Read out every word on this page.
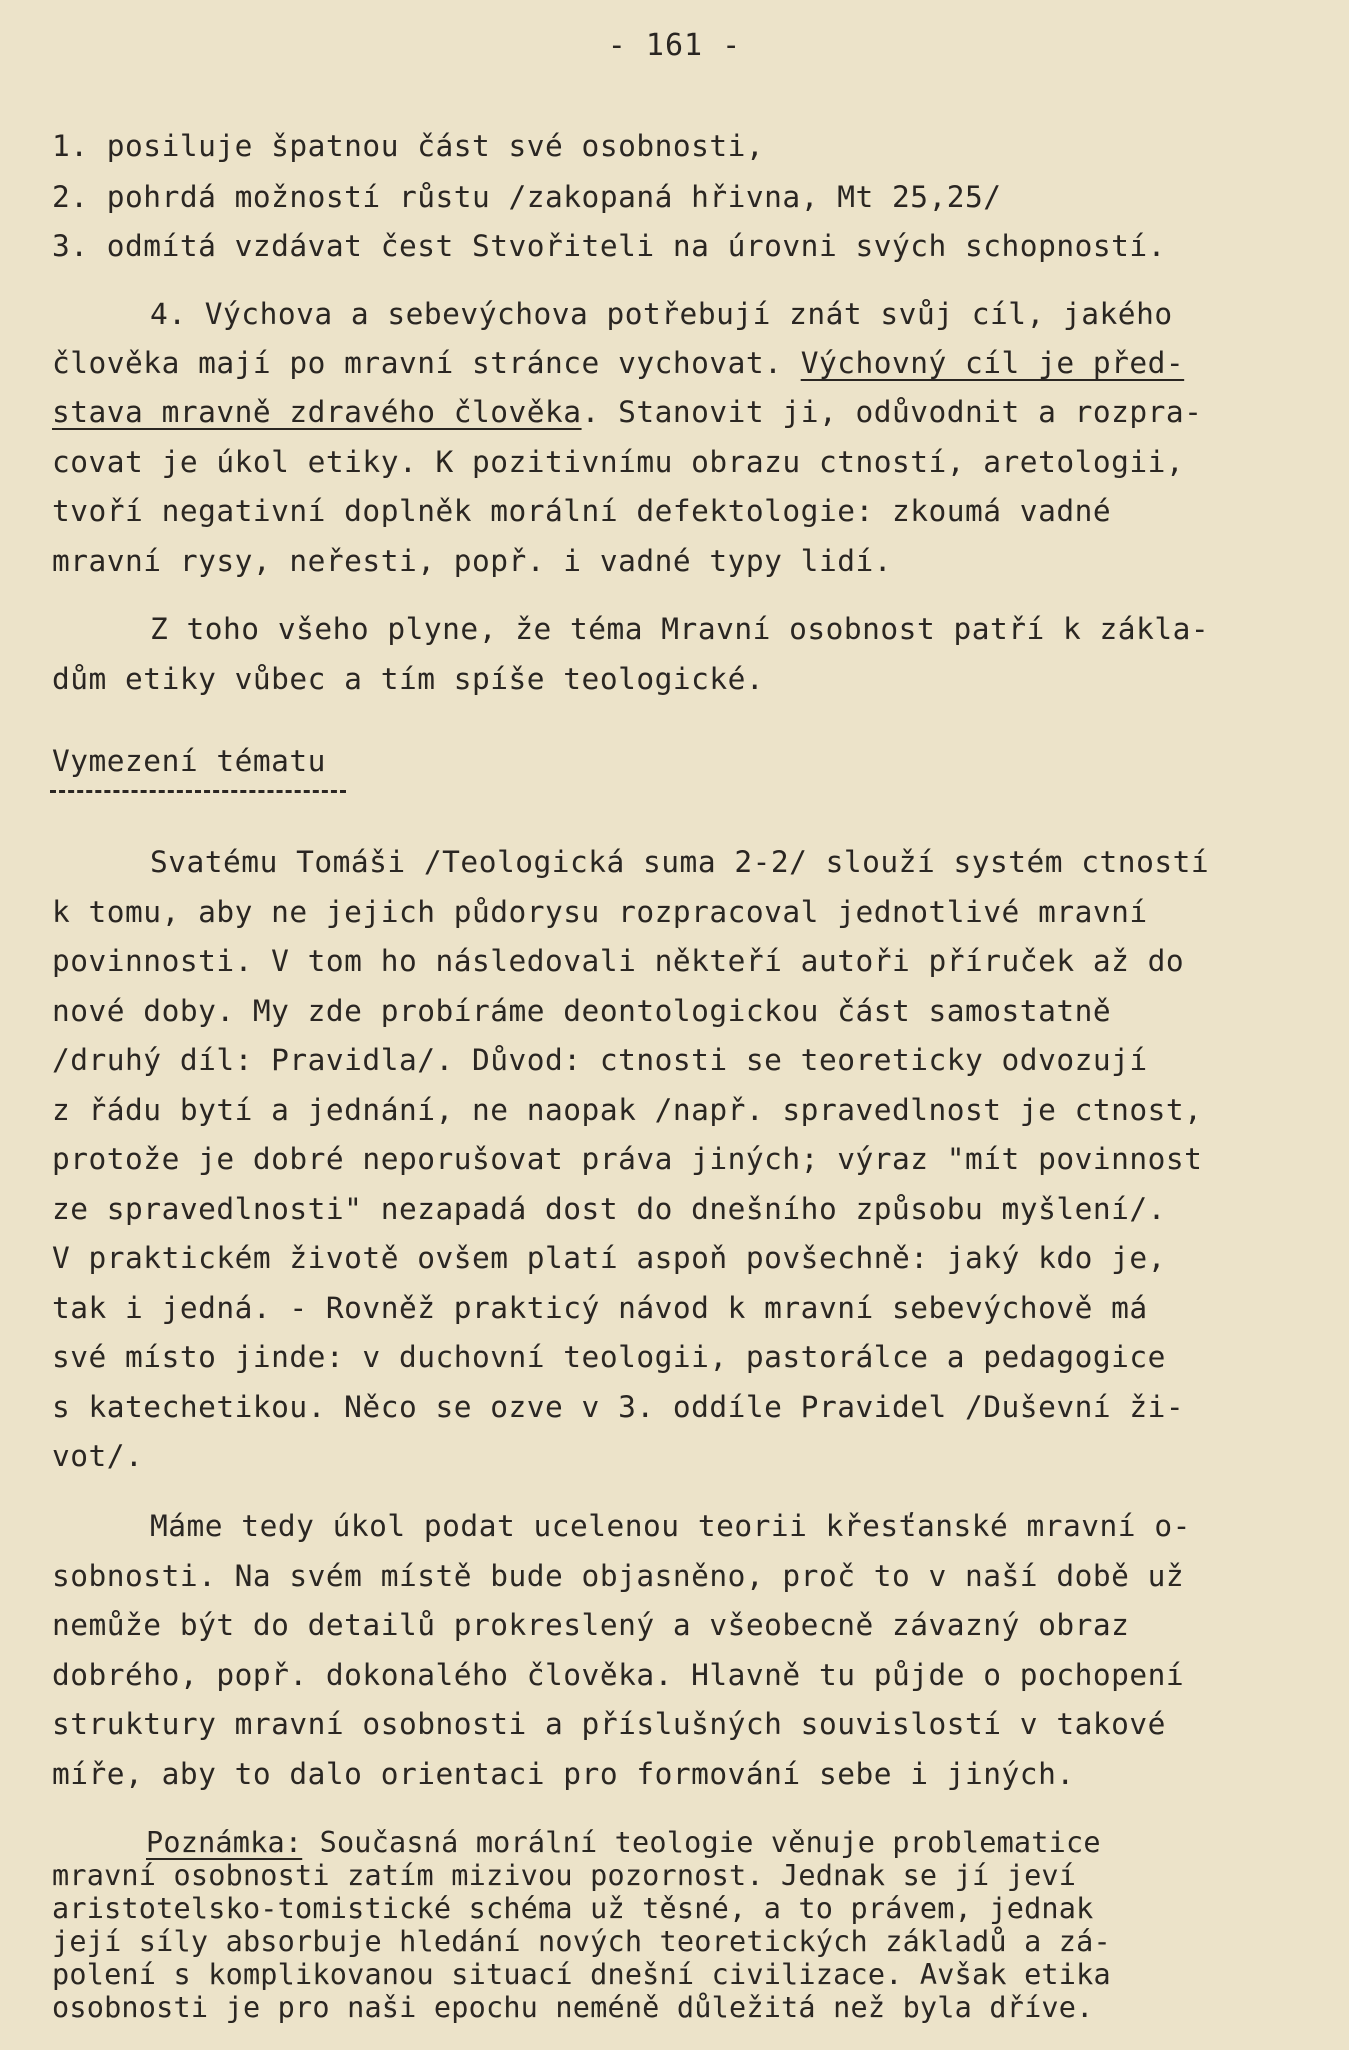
- 161 -
1. posiluje špatnou část své osobnosti,
2. pohrdá možností růstu /zakopaná hřivna, Mt 25,25/
3. odmítá vzdávat čest Stvořiteli na úrovni svých schopností.
4. Výchova a sebevýchova potřebují znát svůj cíl, jakého
člověka mají po mravní stránce vychovat. Výchovný cíl je před-
stava mravně zdravého člověka. Stanovit ji, odůvodnit a rozpra-
covat je úkol etiky. K pozitivnímu obrazu ctností, aretologii,
tvoří negativní doplněk morální defektologie: zkoumá vadné
mravní rysy, neřesti, popř. i vadné typy lidí.
Z toho všeho plyne, že téma Mravní osobnost patří k zákla-
dům etiky vůbec a tím spíše teologické.
Vymezení tématu
Svatému Tomáši /Teologická suma 2-2/ slouží systém ctností
k tomu, aby ne jejich půdorysu rozpracoval jednotlivé mravní
povinnosti. V tom ho následovali někteří autoři příruček až do
nové doby. My zde probíráme deontologickou část samostatně
/druhý díl: Pravidla/. Důvod: ctnosti se teoreticky odvozují
z řádu bytí a jednání, ne naopak /např. spravedlnost je ctnost,
protože je dobré neporušovat práva jiných; výraz "mít povinnost
ze spravedlnosti" nezapadá dost do dnešního způsobu myšlení/.
V praktickém životě ovšem platí aspoň povšechně: jaký kdo je,
tak i jedná. - Rovněž prakticý návod k mravní sebevýchově má
své místo jinde: v duchovní teologii, pastorálce a pedagogice
s katechetikou. Něco se ozve v 3. oddíle Pravidel /Duševní ži-
vot/.
Máme tedy úkol podat ucelenou teorii křesťanské mravní o-
sobnosti. Na svém místě bude objasněno, proč to v naší době už
nemůže být do detailů prokreslený a všeobecně závazný obraz
dobrého, popř. dokonalého člověka. Hlavně tu půjde o pochopení
struktury mravní osobnosti a příslušných souvislostí v takové
míře, aby to dalo orientaci pro formování sebe i jiných.
Poznámka: Současná morální teologie věnuje problematice
mravní osobnosti zatím mizivou pozornost. Jednak se jí jeví
aristotelsko-tomistické schéma už těsné, a to právem, jednak
její síly absorbuje hledání nových teoretických základů a zá-
polení s komplikovanou situací dnešní civilizace. Avšak etika
osobnosti je pro naši epochu neméně důležitá než byla dříve.
